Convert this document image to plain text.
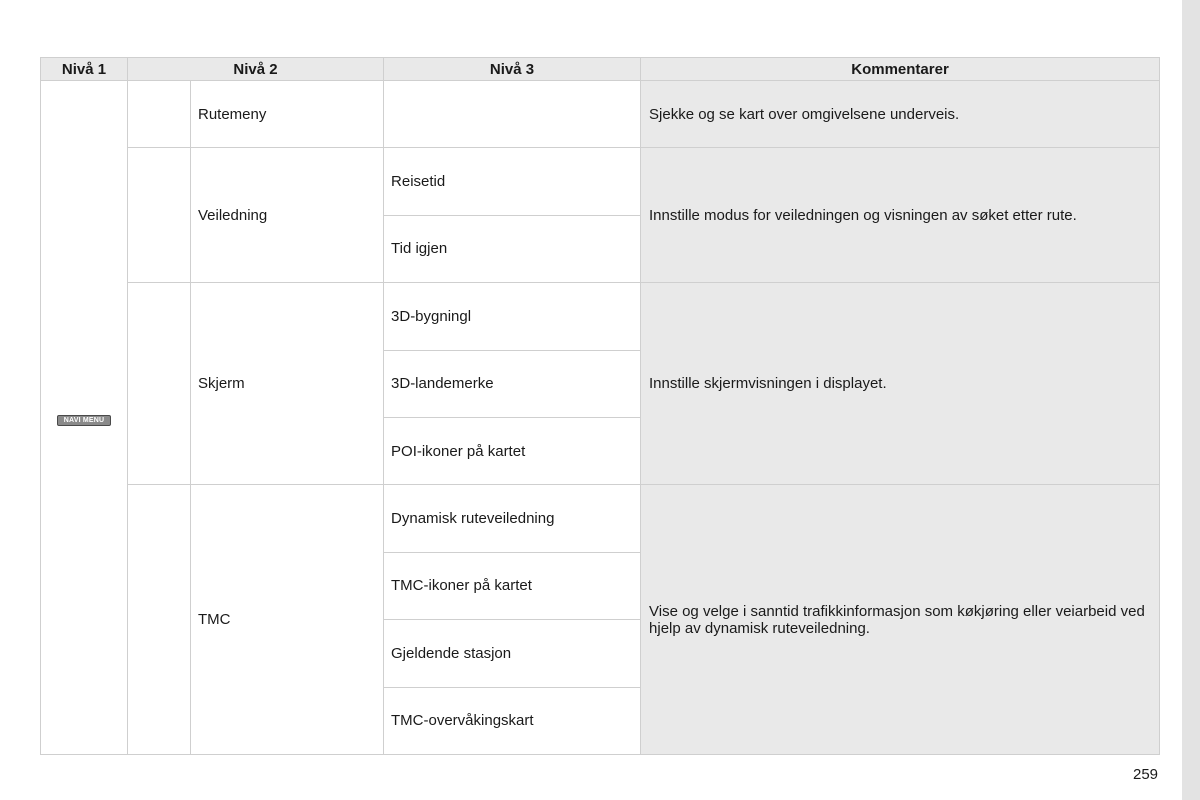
Nivå 1	Nivå 2		Nivå 3	Kommentarer
NAVI MENU		Rutemeny		Sjekke og se kart over omgivelsene underveis.
		Veiledning	Reisetid	Innstille modus for veiledningen og visningen av søket etter rute.
			Tid igjen	
		Skjerm	3D-bygningl	Innstille skjermvisningen i displayet.
			3D-landemerke	
			POI-ikoner på kartet	
		TMC	Dynamisk ruteveiledning	Vise og velge i sanntid trafikkinformasjon som køkjøring eller veiarbeid ved hjelp av dynamisk ruteveiledning.
			TMC-ikoner på kartet	
			Gjeldende stasjon	
			TMC-overvåkingskart	
259
